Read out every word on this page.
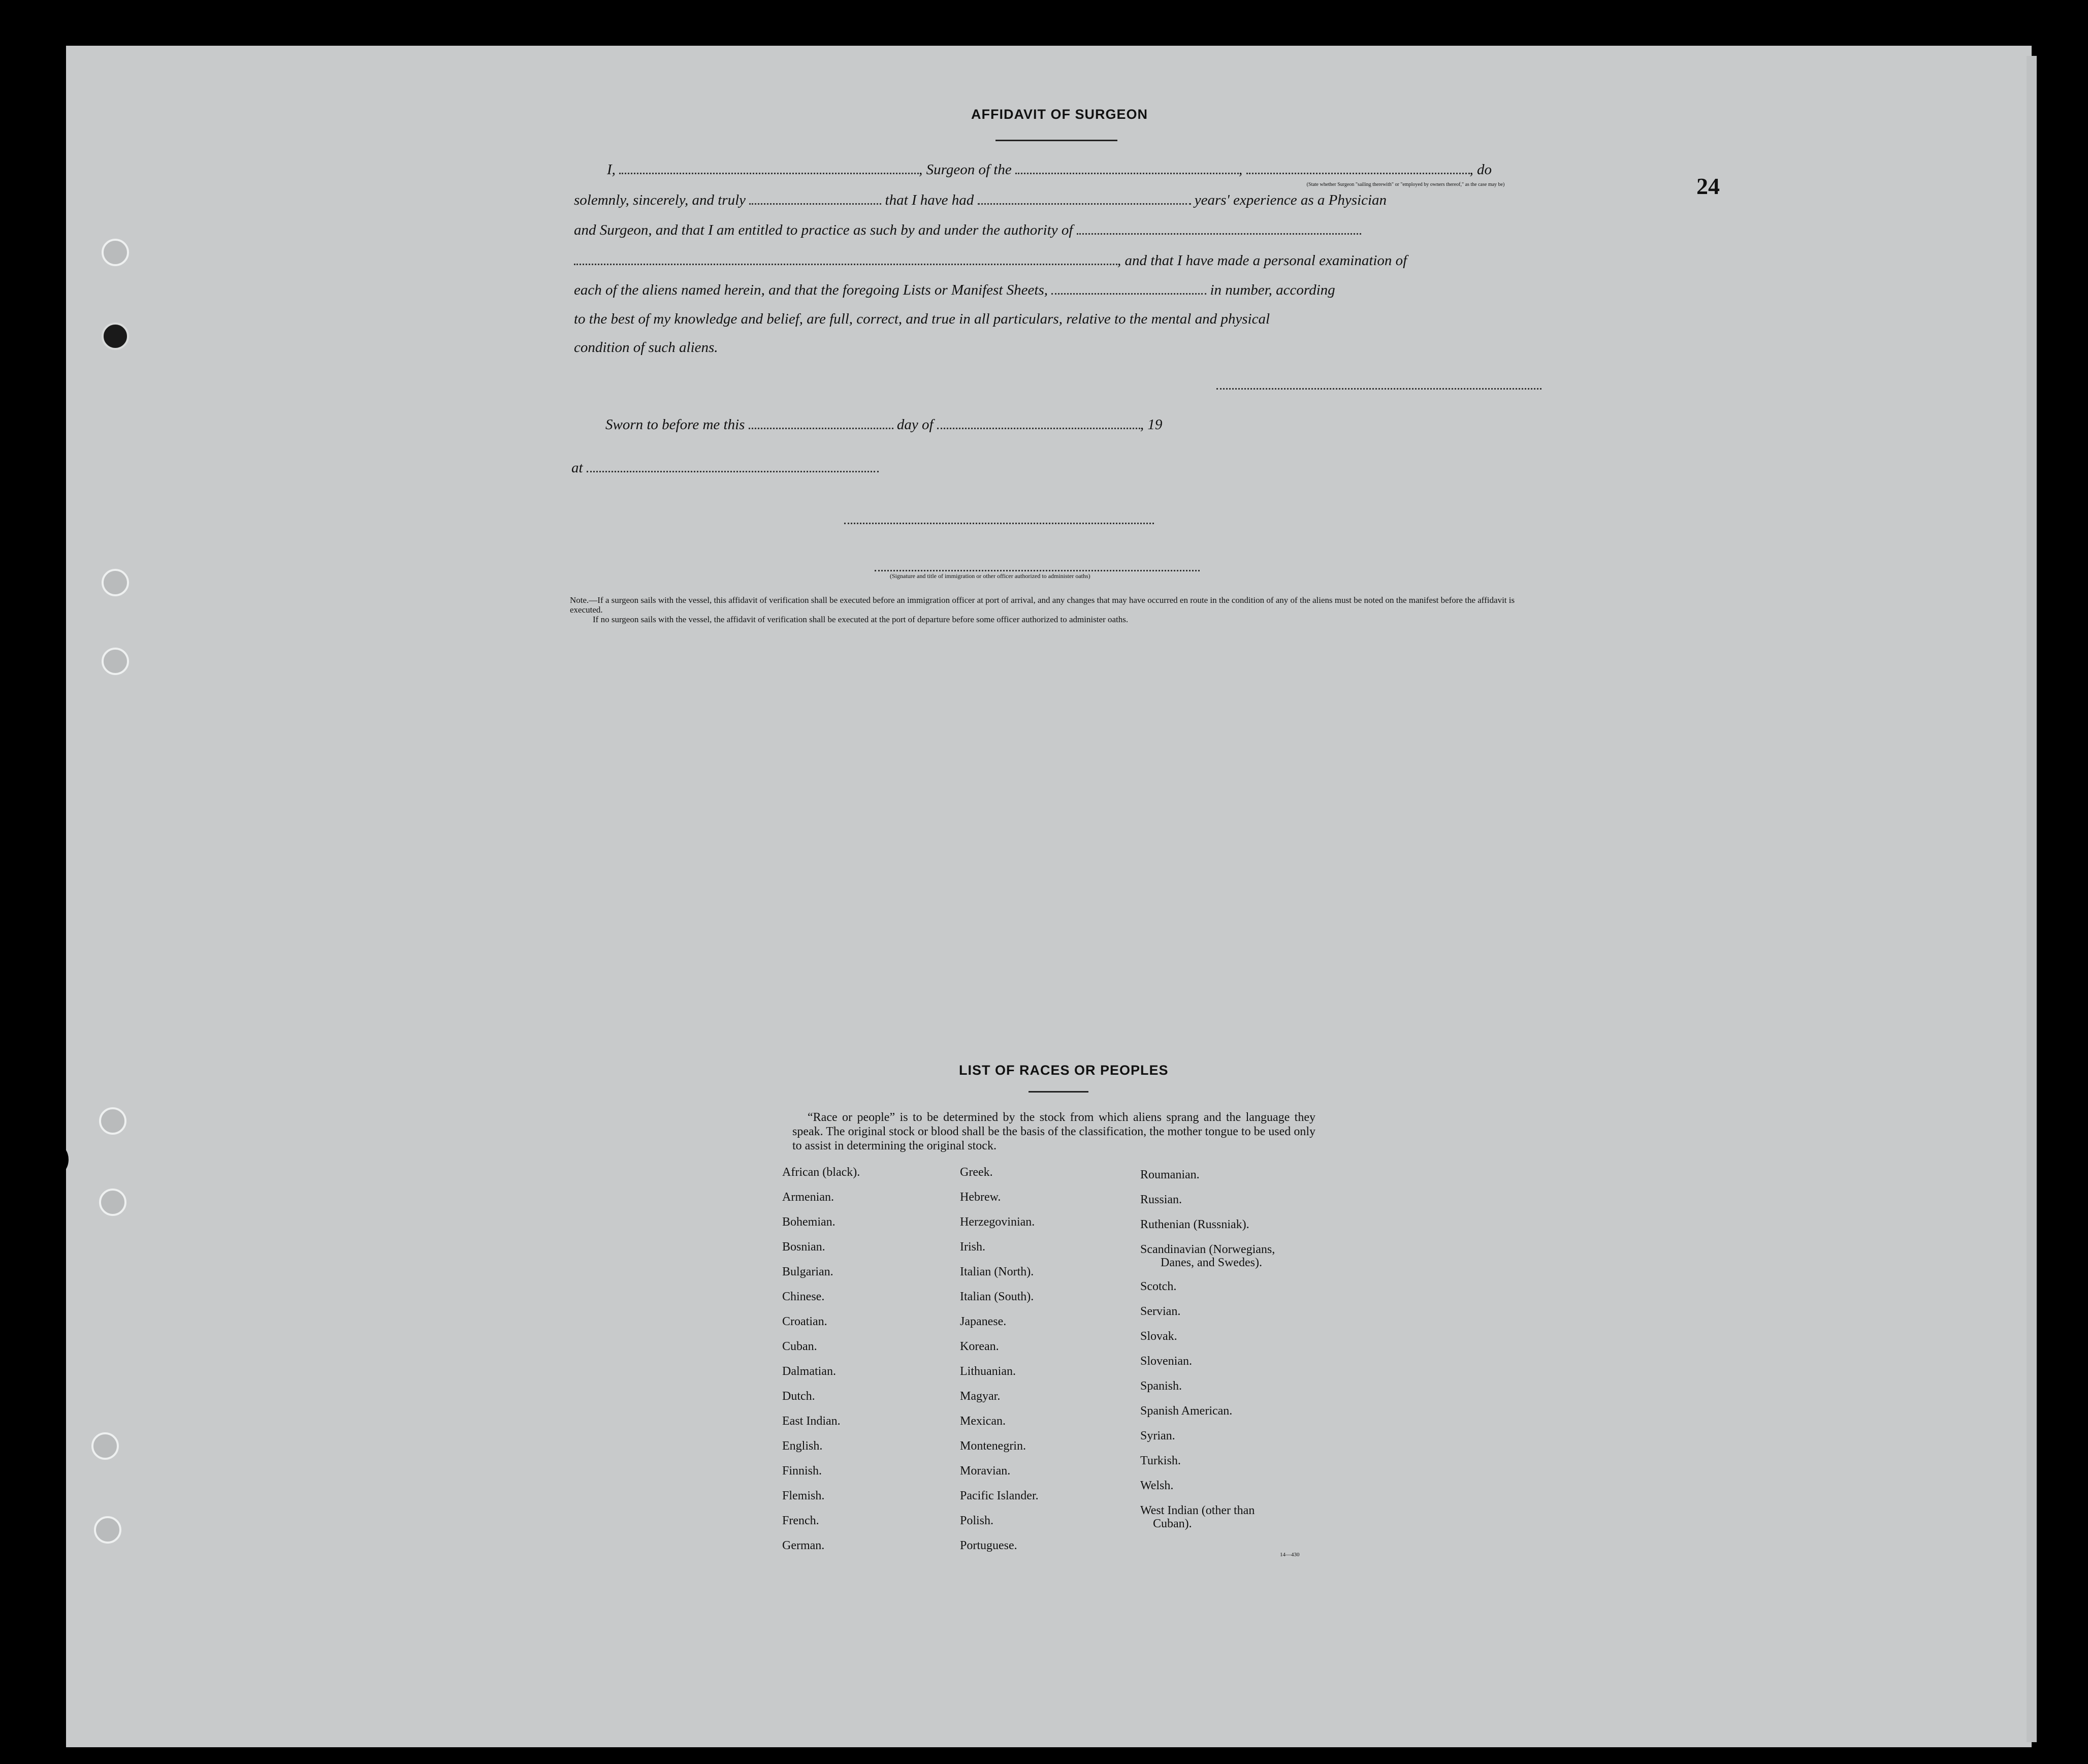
24
AFFIDAVIT OF SURGEON
I,	, Surgeon of the	,	, do
(State whether Surgeon "sailing therewith" or "employed by owners thereof," as the case may be)
solemnly, sincerely, and truly	that I have had	years' experience as a Physician
and Surgeon, and that I am entitled to practice as such by and under the authority of
, and that I have made a personal examination of
each of the aliens named herein, and that the foregoing Lists or Manifest Sheets,	in number, according
to the best of my knowledge and belief, are full, correct, and true in all particulars, relative to the mental and physical
condition of such aliens.
Sworn to before me this	day of	, 19
at
(Signature and title of immigration or other officer authorized to administer oaths)
Note.—If a surgeon sails with the vessel, this affidavit of verification shall be executed before an immigration officer at port of arrival, and any changes that may have occurred en route in the condition of any of the aliens must be noted on the manifest before the affidavit is executed.
If no surgeon sails with the vessel, the affidavit of verification shall be executed at the port of departure before some officer authorized to administer oaths.
LIST OF RACES OR PEOPLES
“Race or people” is to be determined by the stock from which aliens sprang and the language they speak. The original stock or blood shall be the basis of the classification, the mother tongue to be used only to assist in determining the original stock.
African (black).
Armenian.
Bohemian.
Bosnian.
Bulgarian.
Chinese.
Croatian.
Cuban.
Dalmatian.
Dutch.
East Indian.
English.
Finnish.
Flemish.
French.
German.
Greek.
Hebrew.
Herzegovinian.
Irish.
Italian (North).
Italian (South).
Japanese.
Korean.
Lithuanian.
Magyar.
Mexican.
Montenegrin.
Moravian.
Pacific Islander.
Polish.
Portuguese.
Roumanian.
Russian.
Ruthenian (Russniak).
Scandinavian (Norwegians,
Danes, and Swedes).
Scotch.
Servian.
Slovak.
Slovenian.
Spanish.
Spanish American.
Syrian.
Turkish.
Welsh.
West Indian (other than
Cuban).
14—430
